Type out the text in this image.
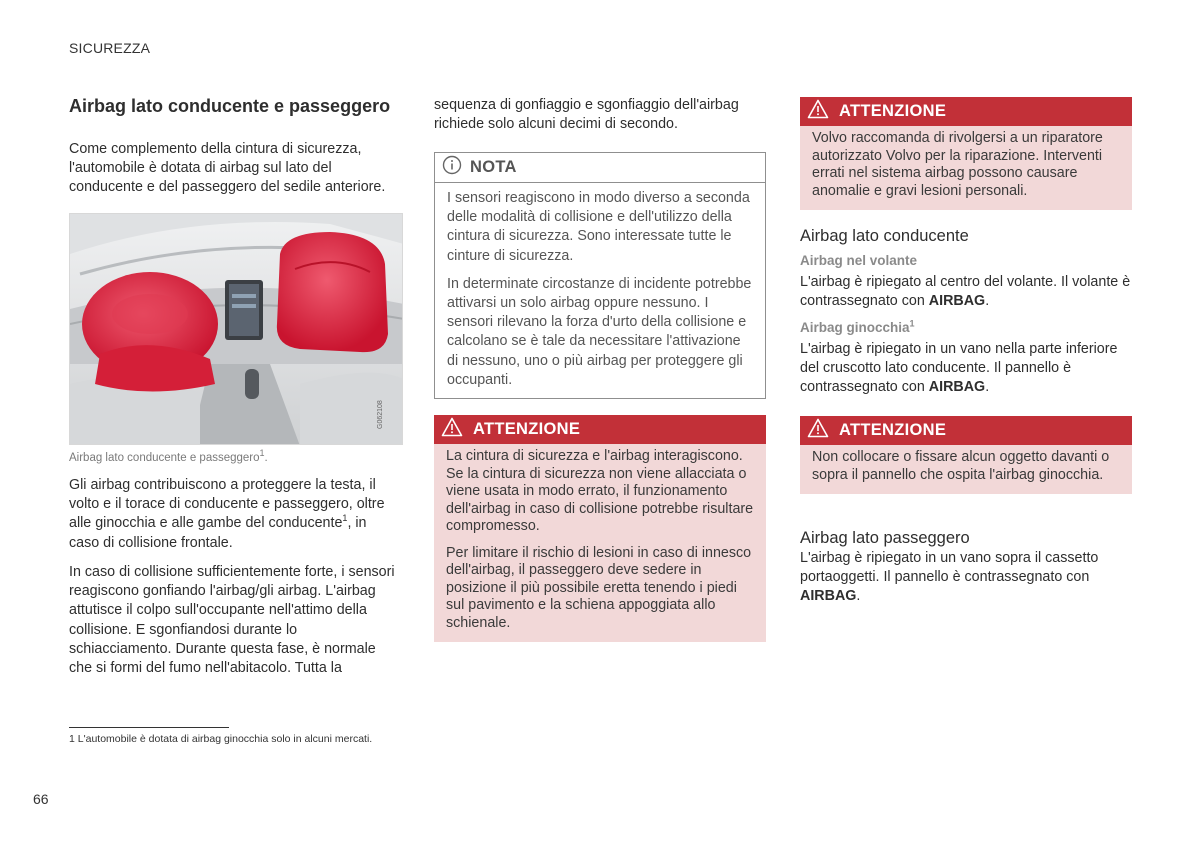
SICUREZZA
Airbag lato conducente e passeggero

Come complemento della cintura di sicurezza, l'automobile è dotata di airbag sul lato del conducente e del passeggero del sedile anteriore.

G062108
Airbag lato conducente e passeggero$^1$.

Gli airbag contribuiscono a proteggere la testa, il volto e il torace di conducente e passeggero, oltre alle ginocchia e alle gambe del conducente$^1$, in caso di collisione frontale.

In caso di collisione sufficientemente forte, i sensori reagiscono gonfiando l'airbag/gli airbag. L'airbag attutisce il colpo sull'occupante nell'attimo della collisione. E sgonfiandosi durante lo schiacciamento. Durante questa fase, è normale che si formi del fumo nell'abitacolo. Tutta la

sequenza di gonfiaggio e sgonfiaggio dell'airbag richiede solo alcuni decimi di secondo.

NOTA

I sensori reagiscono in modo diverso a seconda delle modalità di collisione e dell'utilizzo della cintura di sicurezza. Sono interessate tutte le cinture di sicurezza.

In determinate circostanze di incidente potrebbe attivarsi un solo airbag oppure nessuno. I sensori rilevano la forza d'urto della collisione e calcolano se è tale da necessitare l'attivazione di nessuno, uno o più airbag per proteggere gli occupanti.

ATTENZIONE

La cintura di sicurezza e l'airbag interagiscono. Se la cintura di sicurezza non viene allacciata o viene usata in modo errato, il funzionamento dell'airbag in caso di collisione potrebbe risultare compromesso.

Per limitare il rischio di lesioni in caso di innesco dell'airbag, il passeggero deve sedere in posizione il più possibile eretta tenendo i piedi sul pavimento e la schiena appoggiata allo schienale.

ATTENZIONE

Volvo raccomanda di rivolgersi a un riparatore autorizzato Volvo per la riparazione. Interventi errati nel sistema airbag possono causare anomalie e gravi lesioni personali.

Airbag lato conducente
Airbag nel volante

L'airbag è ripiegato al centro del volante. Il volante è contrassegnato con AIRBAG.

Airbag ginocchia$^1$

L'airbag è ripiegato in un vano nella parte inferiore del cruscotto lato conducente. Il pannello è contrassegnato con AIRBAG.

ATTENZIONE

Non collocare o fissare alcun oggetto davanti o sopra il pannello che ospita l'airbag ginocchia.

Airbag lato passeggero

L'airbag è ripiegato in un vano sopra il cassetto portaoggetti. Il pannello è contrassegnato con AIRBAG.

1 L'automobile è dotata di airbag ginocchia solo in alcuni mercati.
66
